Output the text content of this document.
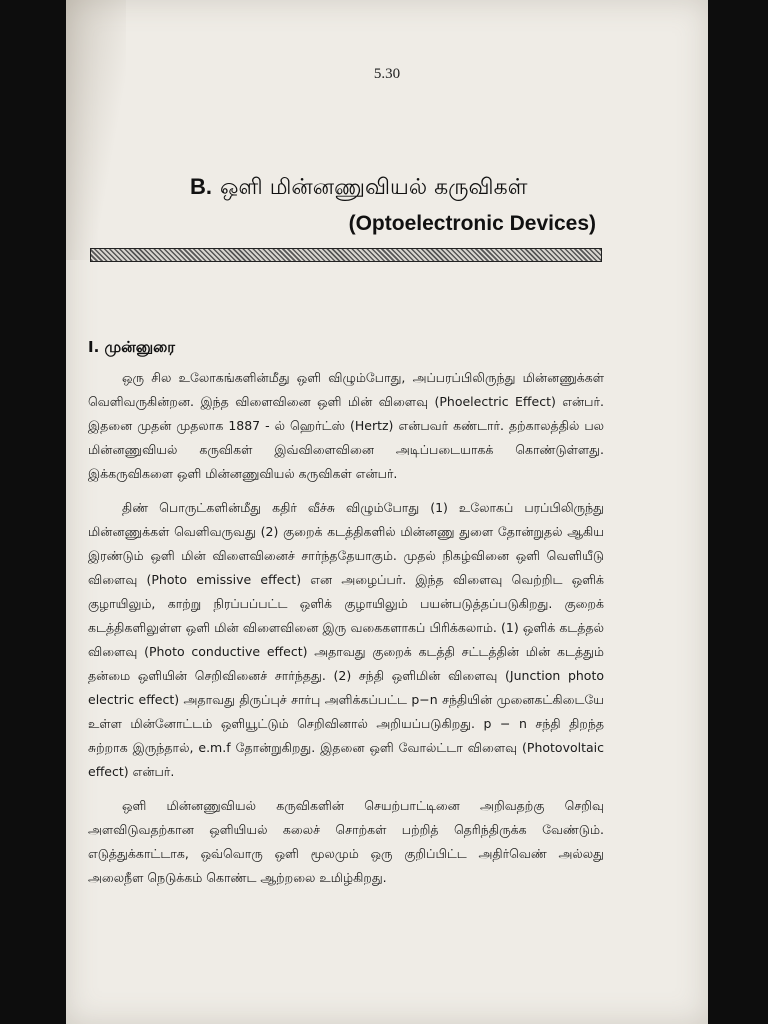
5.30
B. ஒளி மின்னணுவியல் கருவிகள்
(Optoelectronic Devices)
I. முன்னுரை

ஒரு சில உலோகங்களின்மீது ஒளி விழும்போது, அப்பரப்பிலிருந்து மின்னணுக்கள் வெளிவருகின்றன. இந்த விளைவினை ஒளி மின் விளைவு (Phoelectric Effect) என்பர். இதனை முதன் முதலாக 1887 - ல் ஹெர்ட்ஸ் (Hertz) என்பவர் கண்டார். தற்காலத்தில் பல மின்னணுவியல் கருவிகள் இவ்விளைவினை அடிப்படையாகக் கொண்டுள்ளது. இக்கருவிகளை ஒளி மின்னணுவியல் கருவிகள் என்பர்.

திண் பொருட்களின்மீது கதிர் வீச்சு விழும்போது (1) உலோகப் பரப்பிலிருந்து மின்னணுக்கள் வெளிவருவது (2) குறைக் கடத்திகளில் மின்னணு துளை தோன்றுதல் ஆகிய இரண்டும் ஒளி மின் விளைவினைச் சார்ந்ததேயாகும். முதல் நிகழ்வினை ஒளி வெளியீடு விளைவு (Photo emissive effect) என அழைப்பர். இந்த விளைவு வெற்றிட ஒளிக் குழாயிலும், காற்று நிரப்பப்பட்ட ஒளிக் குழாயிலும் பயன்படுத்தப்படுகிறது. குறைக் கடத்திகளிலுள்ள ஒளி மின் விளைவினை இரு வகைகளாகப் பிரிக்கலாம். (1) ஒளிக் கடத்தல் விளைவு (Photo conductive effect) அதாவது குறைக் கடத்தி சட்டத்தின் மின் கடத்தும் தன்மை ஒளியின் செறிவினைச் சார்ந்தது. (2) சந்தி ஒளிமின் விளைவு (Junction photo electric effect) அதாவது திருப்புச் சார்பு அளிக்கப்பட்ட p−n சந்தியின் முனைகட்கிடையே உள்ள மின்னோட்டம் ஒளியூட்டும் செறிவினால் அறியப்படுகிறது. p − n சந்தி திறந்த சுற்றாக இருந்தால், e.m.f தோன்றுகிறது. இதனை ஒளி வோல்ட்டா விளைவு (Photovoltaic effect) என்பர்.

ஒளி மின்னணுவியல் கருவிகளின் செயற்பாட்டினை அறிவதற்கு செறிவு அளவிடுவதற்கான ஒளியியல் கலைச் சொற்கள் பற்றித் தெரிந்திருக்க வேண்டும். எடுத்துக்காட்டாக, ஒவ்வொரு ஒளி மூலமும் ஒரு குறிப்பிட்ட அதிர்வெண் அல்லது அலைநீள நெடுக்கம் கொண்ட ஆற்றலை உமிழ்கிறது.
